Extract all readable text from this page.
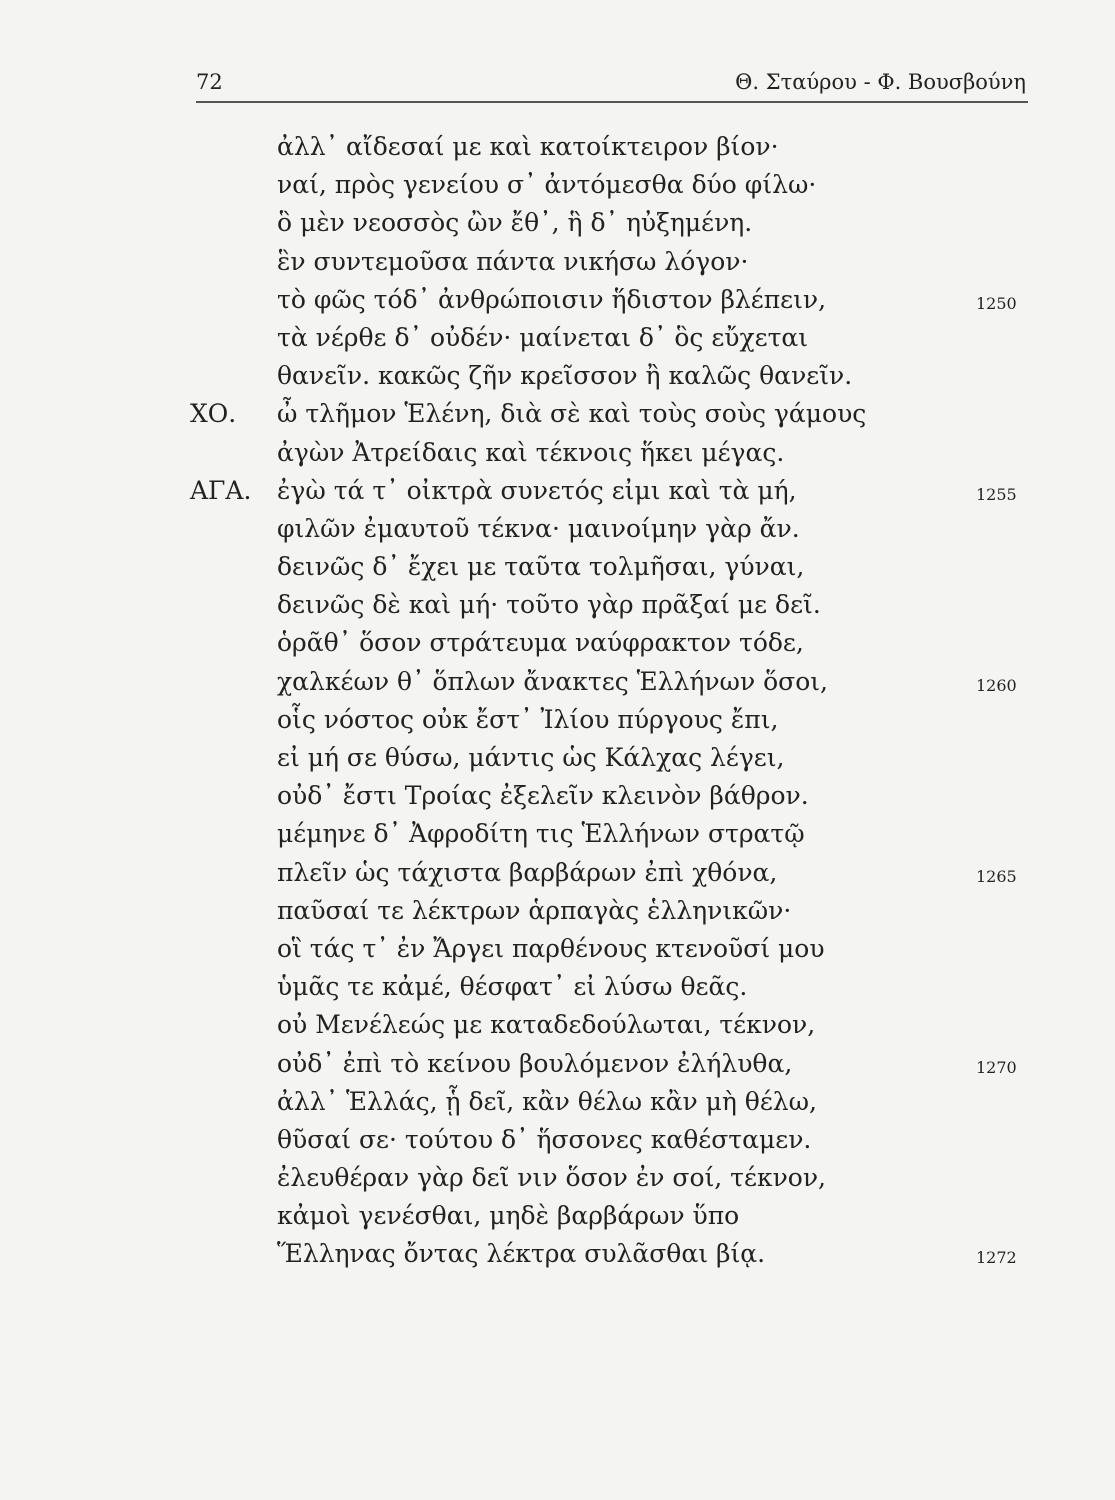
72	Θ. Σταύρου - Φ. Βουσβούνη
ἀλλ᾽ αἴδεσαί με καὶ κατοίκτειρον βίον·
ναί, πρὸς γενείου σ᾽ ἀντόμεσθα δύο φίλω·
ὃ μὲν νεοσσὸς ὢν ἔθ᾽, ἣ δ᾽ ηὐξημένη.
ἓν συντεμοῦσα πάντα νικήσω λόγον·
τὸ φῶς τόδ᾽ ἀνθρώποισιν ἥδιστον βλέπειν,	1250
τὰ νέρθε δ᾽ οὐδέν· μαίνεται δ᾽ ὃς εὔχεται
θανεῖν. κακῶς ζῆν κρεῖσσον ἢ καλῶς θανεῖν.
ΧΟ. ὦ τλῆμον Ἑλένη, διὰ σὲ καὶ τοὺς σοὺς γάμους
ἀγὼν Ἀτρείδαις καὶ τέκνοις ἥκει μέγας.
ΑΓΑ. ἐγὼ τά τ᾽ οἰκτρὰ συνετός εἰμι καὶ τὰ μή,	1255
φιλῶν ἐμαυτοῦ τέκνα· μαινοίμην γὰρ ἄν.
δεινῶς δ᾽ ἔχει με ταῦτα τολμῆσαι, γύναι,
δεινῶς δὲ καὶ μή· τοῦτο γὰρ πρᾶξαί με δεῖ.
ὁρᾶθ᾽ ὅσον στράτευμα ναύφρακτον τόδε,
χαλκέων θ᾽ ὅπλων ἄνακτες Ἑλλήνων ὅσοι,	1260
οἷς νόστος οὐκ ἔστ᾽ Ἰλίου πύργους ἔπι,
εἰ μή σε θύσω, μάντις ὡς Κάλχας λέγει,
οὐδ᾽ ἔστι Τροίας ἐξελεῖν κλεινὸν βάθρον.
μέμηνε δ᾽ Ἀφροδίτη τις Ἑλλήνων στρατῷ
πλεῖν ὡς τάχιστα βαρβάρων ἐπὶ χθόνα,	1265
παῦσαί τε λέκτρων ἁρπαγὰς ἑλληνικῶν·
οἳ τάς τ᾽ ἐν Ἄργει παρθένους κτενοῦσί μου
ὑμᾶς τε κἀμέ, θέσφατ᾽ εἰ λύσω θεᾶς.
οὐ Μενέλεώς με καταδεδούλωται, τέκνον,
οὐδ᾽ ἐπὶ τὸ κείνου βουλόμενον ἐλήλυθα,	1270
ἀλλ᾽ Ἑλλάς, ᾗ δεῖ, κἂν θέλω κἂν μὴ θέλω,
θῦσαί σε· τούτου δ᾽ ἥσσονες καθέσταμεν.
ἐλευθέραν γὰρ δεῖ νιν ὅσον ἐν σοί, τέκνον,
κἀμοὶ γενέσθαι, μηδὲ βαρβάρων ὕπο
Ἕλληνας ὄντας λέκτρα συλᾶσθαι βίᾳ.	1272
